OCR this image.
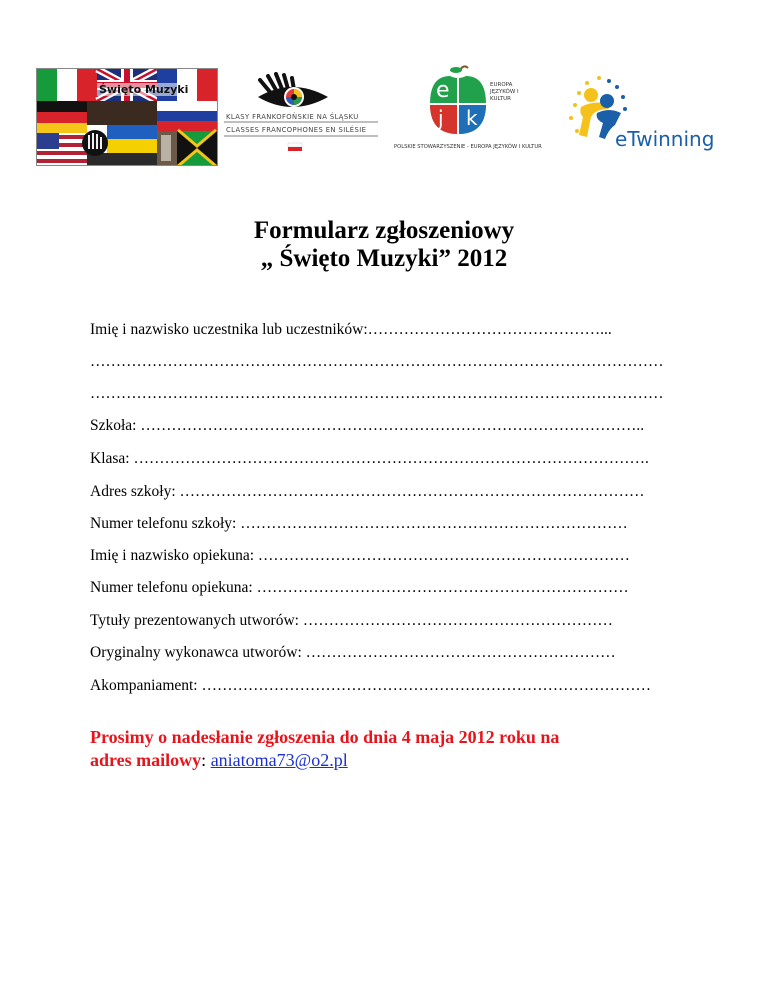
Święto Muzyki
KLASY FRANKOFOŃSKIE NA ŚLĄSKU
CLASSES FRANCOPHONES EN SILÉSIE
e
j k
EUROPA JĘZYKÓW I KULTUR
POLSKIE STOWARZYSZENIE - EUROPA JĘZYKÓW I KULTUR	eTwinning
Formularz zgłoszeniowy
„ Święto Muzyki” 2012
Imię i nazwisko uczestnika lub uczestników:………………………………………...
…………………………………………………………………………………………………
…………………………………………………………………………………………………
Szkoła: ……………………………………………………………………………………..
Klasa: ……………………………………………………………………………………….
Adres szkoły: ………………………………………………………………………………
Numer telefonu szkoły: …………………………………………………………………
Imię i nazwisko opiekuna: ………………………………………………………………
Numer telefonu opiekuna: ………………………………………………………………
Tytuły prezentowanych utworów: ……………………………………………………
Oryginalny wykonawca utworów: ……………………………………………………
Akompaniament: ……………………………………………………………………………
Prosimy o nadesłanie zgłoszenia do dnia 4 maja 2012 roku na
adres mailowy: aniatoma73@o2.pl
